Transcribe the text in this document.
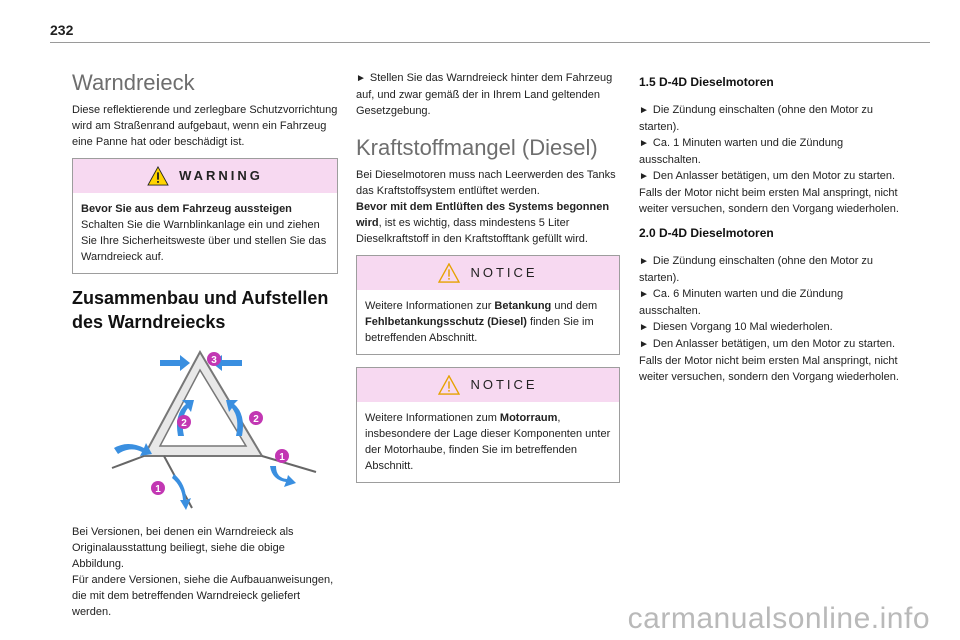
232
Warndreieck

Diese reflektierende und zerlegbare Schutzvorrichtung wird am Straßenrand aufgebaut, wenn ein Fahrzeug eine Panne hat oder beschädigt ist.

WARNING
Bevor Sie aus dem Fahrzeug aussteigen
Schalten Sie die Warnblinkanlage ein und ziehen Sie Ihre Sicherheitsweste über und stellen Sie das Warndreieck auf.
Zusammenbau und Aufstellen des Warndreiecks
3
2	2
1
1
Bei Versionen, bei denen ein Warndreieck als Originalausstattung beiliegt, siehe die obige Abbildung.
Für andere Versionen, siehe die Aufbauanweisungen, die mit dem betreffenden Warndreieck geliefert werden.

► Stellen Sie das Warndreieck hinter dem Fahrzeug auf, und zwar gemäß der in Ihrem Land geltenden Gesetzgebung.

Kraftstoffmangel (Diesel)

Bei Dieselmotoren muss nach Leerwerden des Tanks das Kraftstoffsystem entlüftet werden.
Bevor mit dem Entlüften des Systems begonnen wird, ist es wichtig, dass mindestens 5 Liter Dieselkraftstoff in den Kraftstofftank gefüllt wird.

NOTICE
Weitere Informationen zur Betankung und dem Fehlbetankungsschutz (Diesel) finden Sie im betreffenden Abschnitt.
NOTICE
Weitere Informationen zum Motorraum, insbesondere der Lage dieser Komponenten unter der Motorhaube, finden Sie im betreffenden Abschnitt.
1.5 D-4D Dieselmotoren

► Die Zündung einschalten (ohne den Motor zu starten).

► Ca. 1 Minuten warten und die Zündung ausschalten.

► Den Anlasser betätigen, um den Motor zu starten.

Falls der Motor nicht beim ersten Mal anspringt, nicht weiter versuchen, sondern den Vorgang wiederholen.

2.0 D-4D Dieselmotoren

► Die Zündung einschalten (ohne den Motor zu starten).

► Ca. 6 Minuten warten und die Zündung ausschalten.

► Diesen Vorgang 10 Mal wiederholen.

► Den Anlasser betätigen, um den Motor zu starten.

Falls der Motor nicht beim ersten Mal anspringt, nicht weiter versuchen, sondern den Vorgang wiederholen.

carmanualsonline.info
